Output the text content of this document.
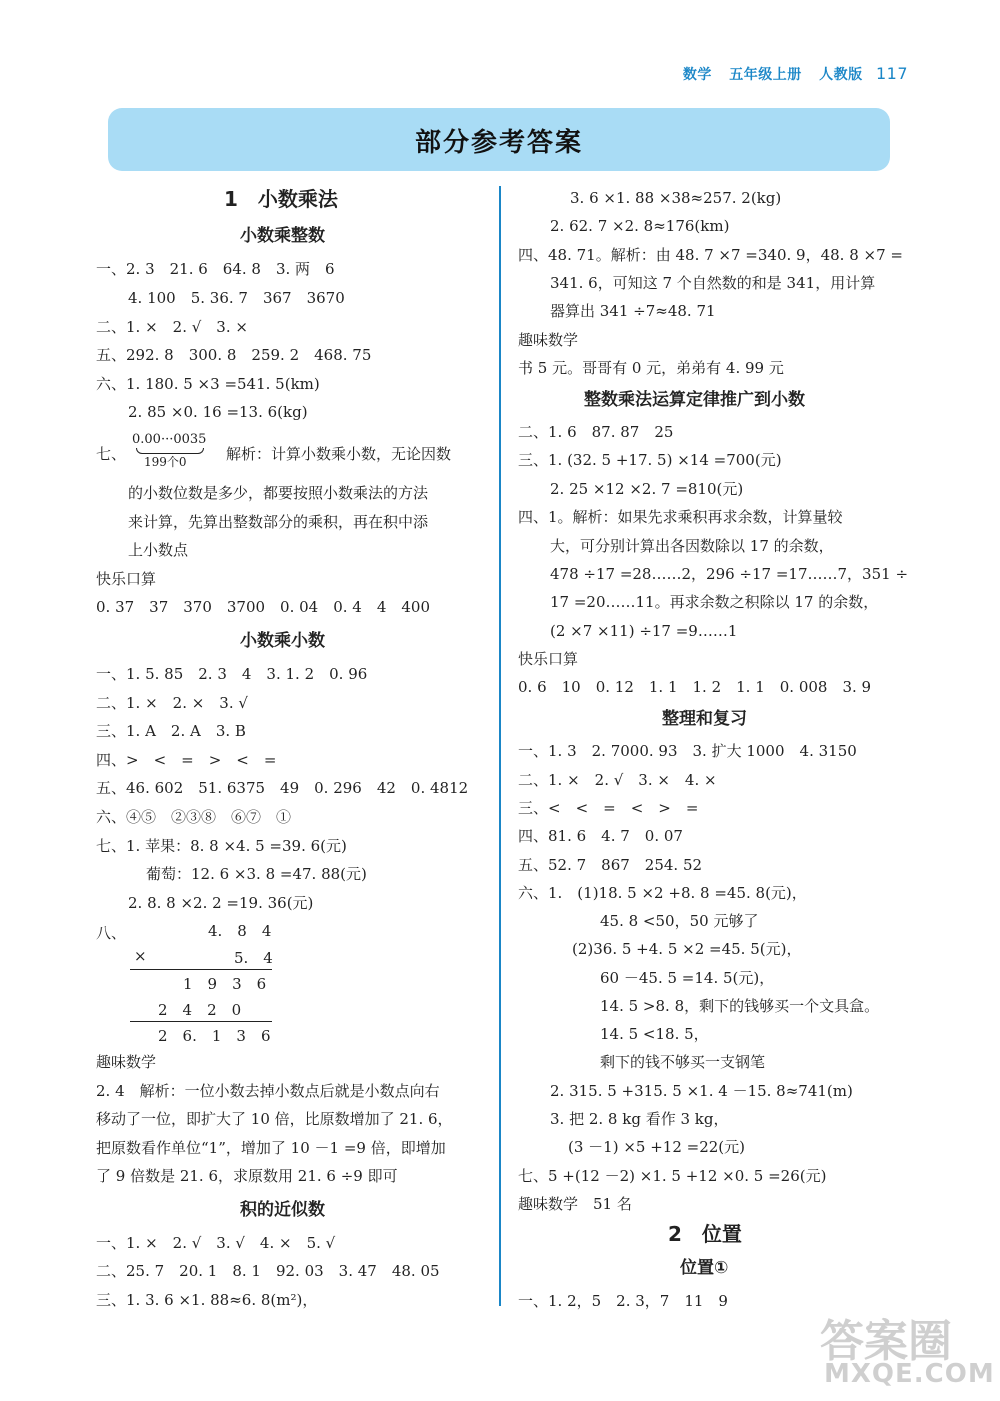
数学 五年级上册 人教版 117
部分参考答案
1　小数乘法
小数乘整数
一、2. 3　21. 6　64. 8　3. 两　6
4. 100　5. 36. 7　367　3670
二、1. ×　2. √　3. ×
五、292. 8　300. 8　259. 2　468. 75
六、1. 180. 5 ×3 =541. 5(km)
2. 85 ×0. 16 =13. 6(kg)
七、
0.00···0035
199个0	解析：计算小数乘小数，无论因数
的小数位数是多少，都要按照小数乘法的方法
来计算，先算出整数部分的乘积，再在积中添
上小数点
快乐口算
0. 37　37　370　3700　0. 04　0. 4　4　400
小数乘小数
一、1. 5. 85　2. 3　4　3. 1. 2　0. 96
二、1. ×　2. ×　3. √
三、1. A　2. A　3. B
四、>　<　=　>　<　=
五、46. 602　51. 6375　49　0. 296　42　0. 4812
六、④⑤　②③⑧　⑥⑦　①
七、1. 苹果：8. 8 ×4. 5 =39. 6(元)
葡萄：12. 6 ×3. 8 =47. 88(元)
2. 8. 8 ×2. 2 =19. 36(元)
八、	4.　8　4
×	5.　4
1　9　3　6
2　4　2　0
2　6.　1　3　6
趣味数学
2. 4　解析：一位小数去掉小数点后就是小数点向右
移动了一位，即扩大了 10 倍，比原数增加了 21. 6，
把原数看作单位“1”，增加了 10 －1 =9 倍，即增加
了 9 倍数是 21. 6，求原数用 21. 6 ÷9 即可
积的近似数
一、1. ×　2. √　3. √　4. ×　5. √
二、25. 7　20. 1　8. 1　92. 03　3. 47　48. 05
三、1. 3. 6 ×1. 88≈6. 8(m²)，
3. 6 ×1. 88 ×38≈257. 2(kg)
2. 62. 7 ×2. 8≈176(km)
四、48. 71。解析：由 48. 7 ×7 =340. 9，48. 8 ×7 =
341. 6，可知这 7 个自然数的和是 341，用计算
器算出 341 ÷7≈48. 71
趣味数学
书 5 元。哥哥有 0 元，弟弟有 4. 99 元
整数乘法运算定律推广到小数
二、1. 6　87. 87　25
三、1. (32. 5 +17. 5) ×14 =700(元)
2. 25 ×12 ×2. 7 =810(元)
四、1。解析：如果先求乘积再求余数，计算量较
大，可分别计算出各因数除以 17 的余数，
478 ÷17 =28……2，296 ÷17 =17……7，351 ÷
17 =20……11。再求余数之积除以 17 的余数，
(2 ×7 ×11) ÷17 =9……1
快乐口算
0. 6　10　0. 12　1. 1　1. 2　1. 1　0. 008　3. 9
整理和复习
一、1. 3　2. 7000. 93　3. 扩大 1000　4. 3150
二、1. ×　2. √　3. ×　4. ×
三、<　<　=　<　>　=
四、81. 6　4. 7　0. 07
五、52. 7　867　254. 52
六、1.　(1)18. 5 ×2 +8. 8 =45. 8(元)，
45. 8 <50，50 元够了
(2)36. 5 +4. 5 ×2 =45. 5(元)，
60 －45. 5 =14. 5(元)，
14. 5 >8. 8，剩下的钱够买一个文具盒。
14. 5 <18. 5，
剩下的钱不够买一支钢笔
2. 315. 5 +315. 5 ×1. 4 －15. 8≈741(m)
3. 把 2. 8 kg 看作 3 kg，
(3 －1) ×5 +12 =22(元)
七、5 +(12 －2) ×1. 5 +12 ×0. 5 =26(元)
趣味数学　51 名
2　位置
位置①
一、1. 2，5　2. 3，7　11　9
答案圈
MXQE.COM
